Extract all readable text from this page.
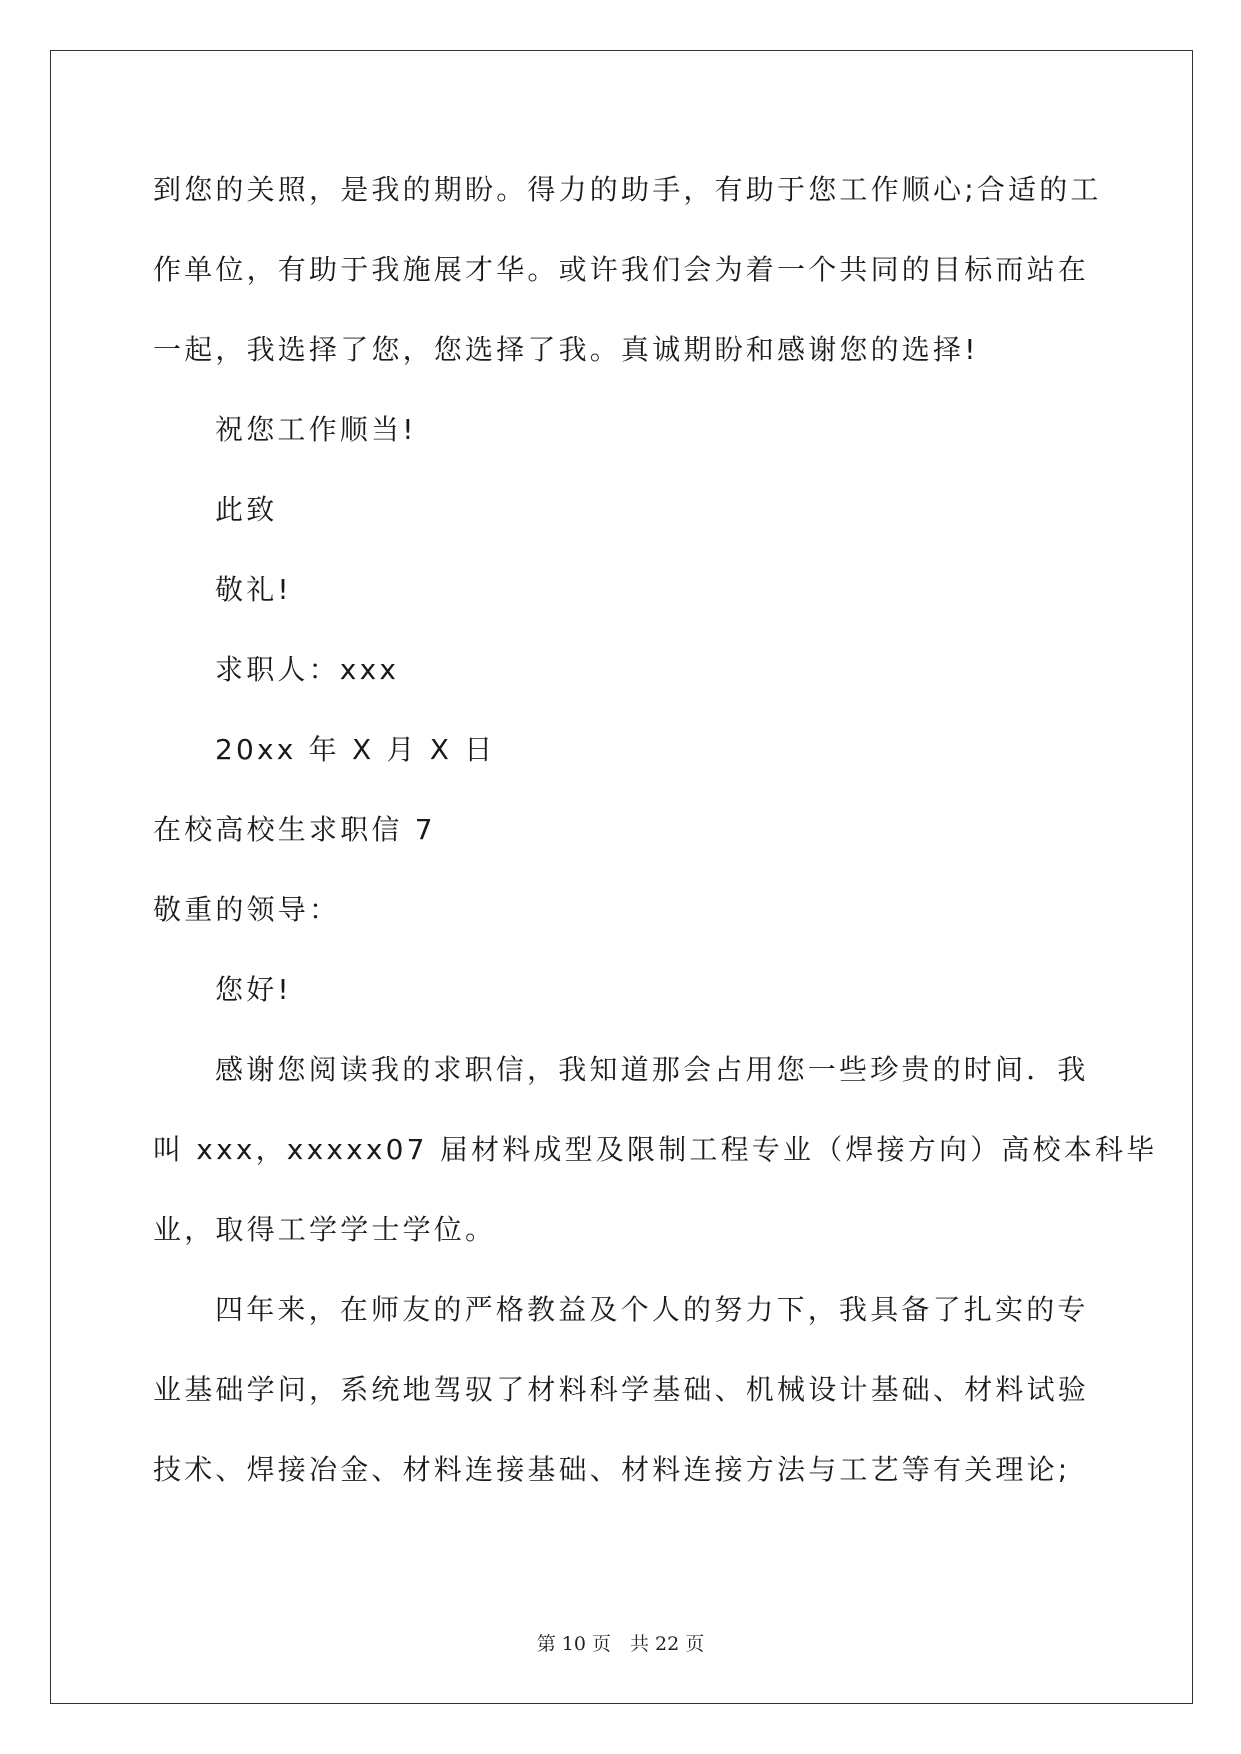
到您的关照，是我的期盼。得力的助手，有助于您工作顺心;合适的工
作单位，有助于我施展才华。或许我们会为着一个共同的目标而站在
一起，我选择了您，您选择了我。真诚期盼和感谢您的选择!
祝您工作顺当!
此致
敬礼!
求职人：xxx
20xx 年 X 月 X 日
在校高校生求职信 7
敬重的领导：
您好!
感谢您阅读我的求职信，我知道那会占用您一些珍贵的时间．我
叫 xxx，xxxxx07 届材料成型及限制工程专业（焊接方向）高校本科毕
业，取得工学学士学位。
四年来，在师友的严格教益及个人的努力下，我具备了扎实的专
业基础学问，系统地驾驭了材料科学基础、机械设计基础、材料试验
技术、焊接冶金、材料连接基础、材料连接方法与工艺等有关理论;
第 10 页　共 22 页
